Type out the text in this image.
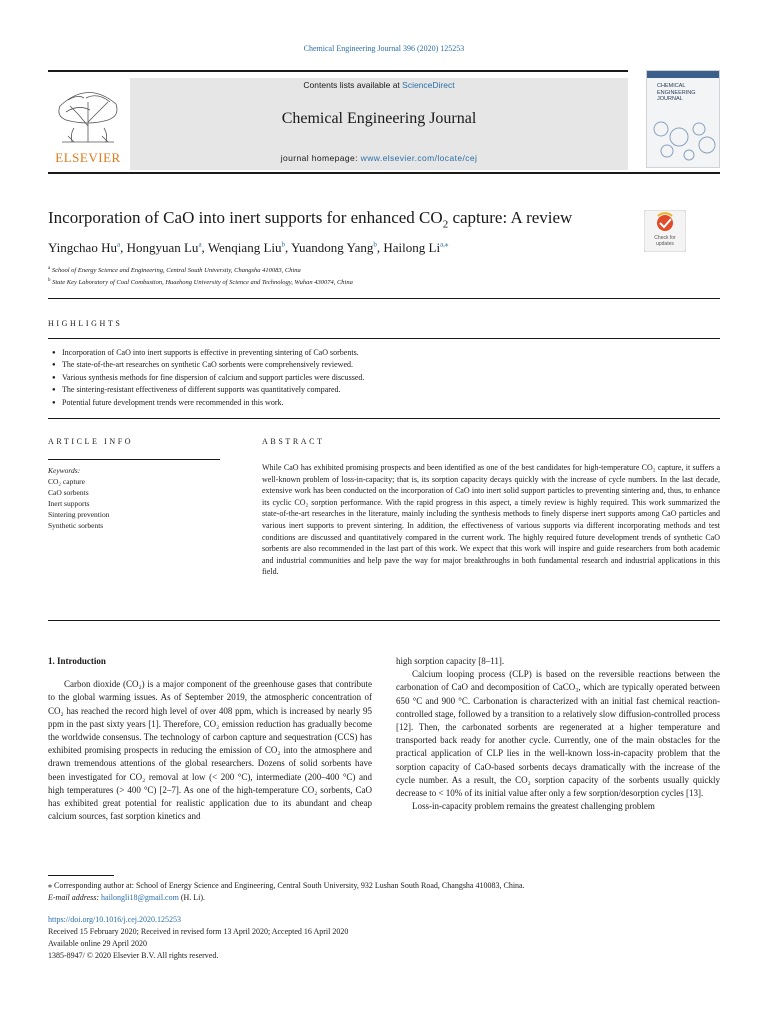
Chemical Engineering Journal 396 (2020) 125253
ELSEVIER
Contents lists available at ScienceDirect
Chemical Engineering Journal
journal homepage: www.elsevier.com/locate/cej
CHEMICAL ENGINEERING JOURNAL
Incorporation of CaO into inert supports for enhanced $CO_2$ capture: A review
Check for updates
Yingchao Hu$^a$, Hongyuan Lu$^a$, Wenqiang Liu$^b$, Yuandong Yang$^b$, Hailong $Li^{a,⁎}$
$^a$ School of Energy Science and Engineering, Central South University, Changsha 410083, China
$^b$ State Key Laboratory of Coal Combustion, Huazhong University of Science and Technology, Wuhan 430074, China
HIGHLIGHTS
● Incorporation of CaO into inert supports is effective in preventing sintering of CaO sorbents.
● The state-of-the-art researches on synthetic CaO sorbents were comprehensively reviewed.
● Various synthesis methods for fine dispersion of calcium and support particles were discussed.
● The sintering-resistant effectiveness of different supports was quantitatively compared.
● Potential future development trends were recommended in this work.
ARTICLE INFO
Keywords:
CO₂ capture
CaO sorbents
Inert supports
Sintering prevention
Synthetic sorbents
ABSTRACT
While CaO has exhibited promising prospects and been identified as one of the best candidates for high-temperature CO₂ capture, it suffers a well-known problem of loss-in-capacity; that is, its sorption capacity decays quickly with the increase of cycle numbers. In the last decade, extensive work has been conducted on the incorporation of CaO into inert solid support particles to preventing sintering and, thus, to enhance its cyclic CO₂ sorption performance. With the rapid progress in this aspect, a timely review is highly required. This work summarized the state-of-the-art researches in the literature, mainly including the synthesis methods to finely disperse inert supports among CaO particles and various inert supports to prevent sintering. In addition, the effectiveness of various supports via different incorporating methods and test conditions are discussed and quantitatively compared in the current work. The highly required future development trends of synthetic CaO sorbents are also recommended in the last part of this work. We expect that this work will inspire and guide researchers from both academic and industrial communities and help pave the way for major breakthroughs in both fundamental research and industrial applications in this field.
1. Introduction

Carbon dioxide (CO₂) is a major component of the greenhouse gases that contribute to the global warming issues. As of September 2019, the atmospheric concentration of CO₂ has reached the record high level of over 408 ppm, which is increased by nearly 95 ppm in the past sixty years [1]. Therefore, CO₂ emission reduction has gradually become the worldwide consensus. The technology of carbon capture and sequestration (CCS) has exhibited promising prospects in reducing the emission of CO₂ into the atmosphere and drawn tremendous attentions of the global researchers. Dozens of solid sorbents have been investigated for CO₂ removal at low (< 200 °C), intermediate (200–400 °C) and high temperatures (> 400 °C) [2–7]. As one of the high-temperature CO₂ sorbents, CaO has exhibited great potential for realistic application due to its abundant and cheap calcium sources, fast sorption kinetics and

high sorption capacity [8–11].

Calcium looping process (CLP) is based on the reversible reactions between the carbonation of CaO and decomposition of CaCO₃, which are typically operated between 650 °C and 900 °C. Carbonation is characterized with an initial fast chemical reaction-controlled stage, followed by a transition to a relatively slow diffusion-controlled process [12]. Then, the carbonated sorbents are regenerated at a higher temperature and transported back ready for another cycle. Currently, one of the main obstacles for the practical application of CLP lies in the well-known loss-in-capacity problem that the sorption capacity of CaO-based sorbents decays dramatically with the increase of the cycle number. As a result, the CO₂ sorption capacity of the sorbents usually quickly decrease to < 10% of its initial value after only a few sorption/desorption cycles [13].

Loss-in-capacity problem remains the greatest challenging problem

⁎ Corresponding author at: School of Energy Science and Engineering, Central South University, 932 Lushan South Road, Changsha 410083, China.
E-mail address: hailongli18@gmail.com (H. Li).
https://doi.org/10.1016/j.cej.2020.125253
Received 15 February 2020; Received in revised form 13 April 2020; Accepted 16 April 2020
Available online 29 April 2020
1385-8947/ © 2020 Elsevier B.V. All rights reserved.
